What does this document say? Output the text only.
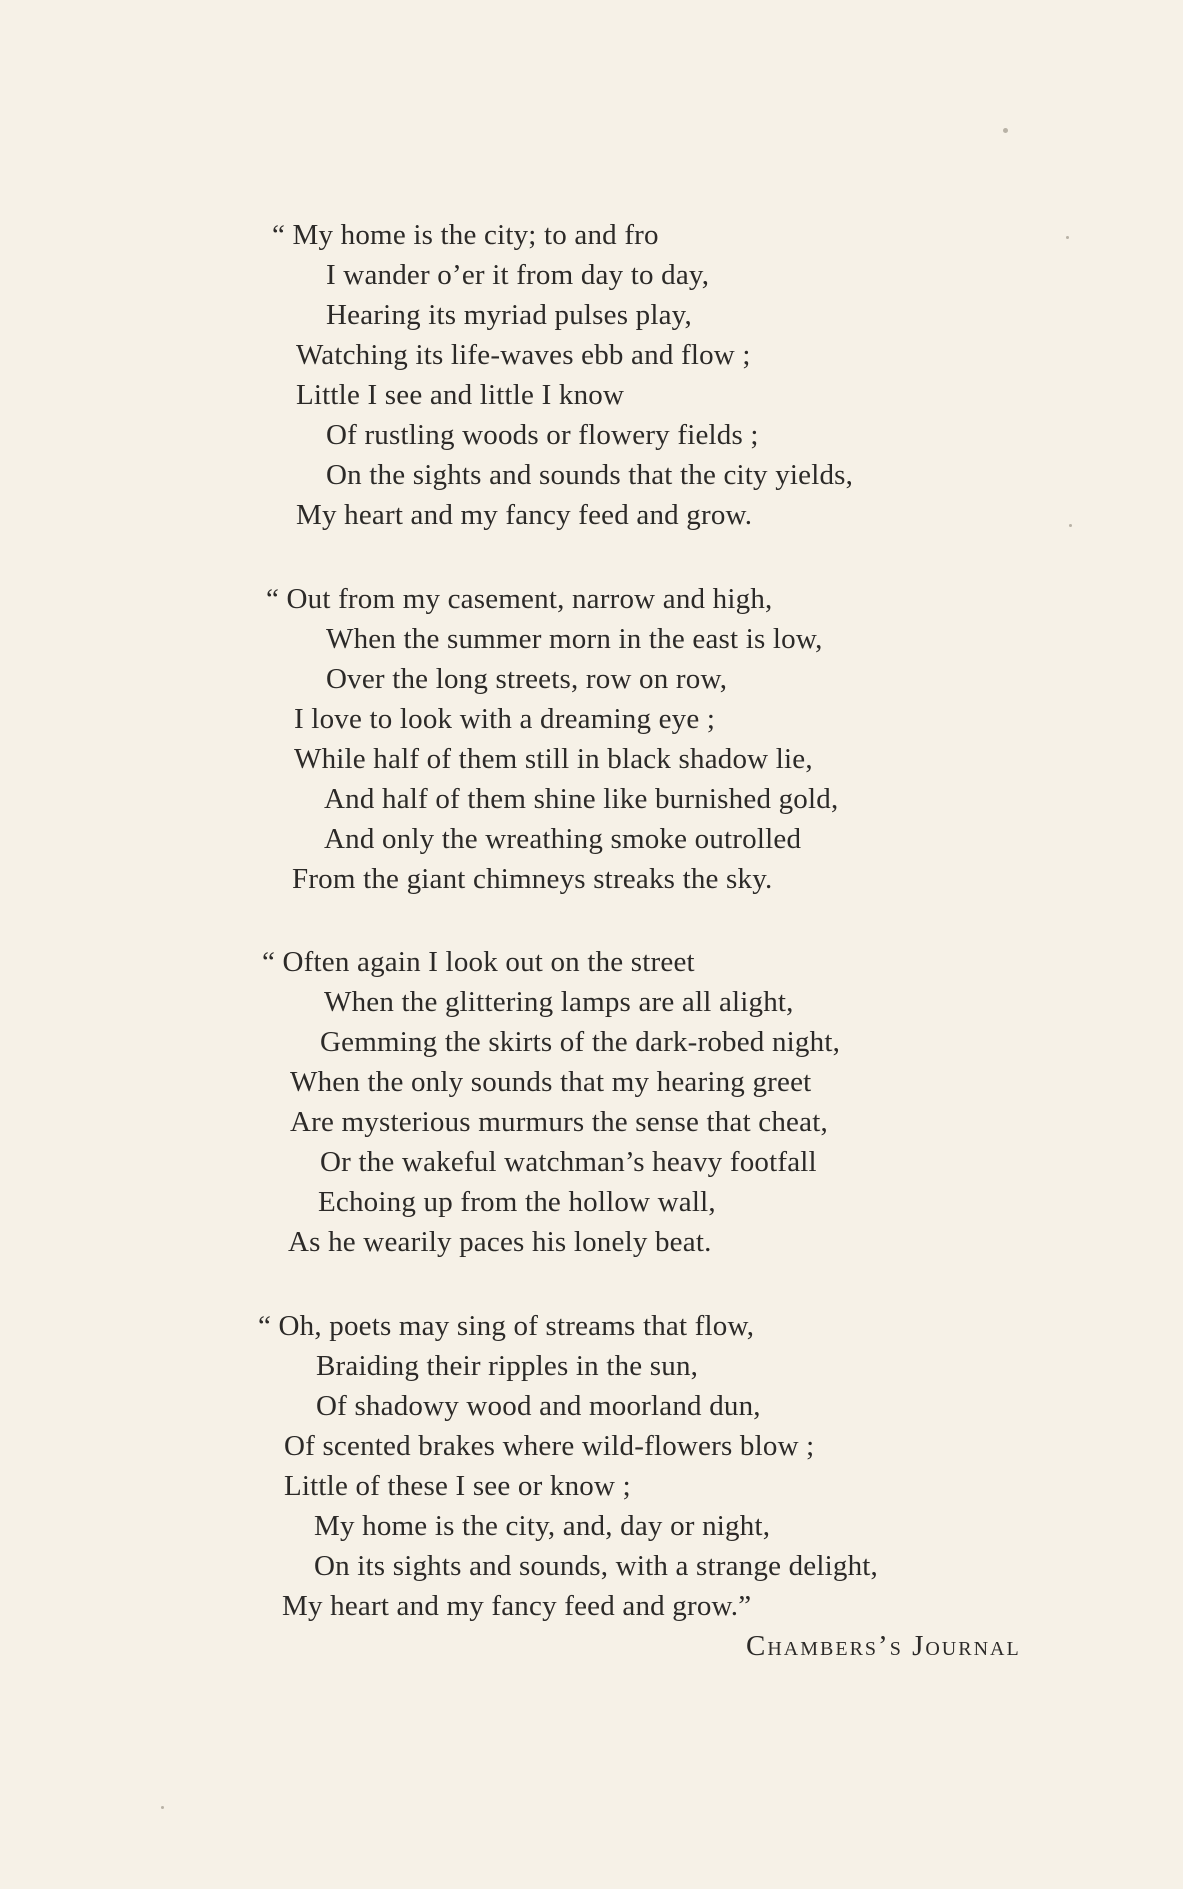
“ My home is the city; to and fro
I wander o’er it from day to day,
Hearing its myriad pulses play,
Watching its life-waves ebb and flow ;
Little I see and little I know
Of rustling woods or flowery fields ;
On the sights and sounds that the city yields,
My heart and my fancy feed and grow.
“ Out from my casement, narrow and high,
When the summer morn in the east is low,
Over the long streets, row on row,
I love to look with a dreaming eye ;
While half of them still in black shadow lie,
And half of them shine like burnished gold,
And only the wreathing smoke outrolled
From the giant chimneys streaks the sky.
“ Often again I look out on the street
When the glittering lamps are all alight,
Gemming the skirts of the dark-robed night,
When the only sounds that my hearing greet
Are mysterious murmurs the sense that cheat,
Or the wakeful watchman’s heavy footfall
Echoing up from the hollow wall,
As he wearily paces his lonely beat.
“ Oh, poets may sing of streams that flow,
Braiding their ripples in the sun,
Of shadowy wood and moorland dun,
Of scented brakes where wild-flowers blow ;
Little of these I see or know ;
My home is the city, and, day or night,
On its sights and sounds, with a strange delight,
My heart and my fancy feed and grow.”
Chambers’s Journal
